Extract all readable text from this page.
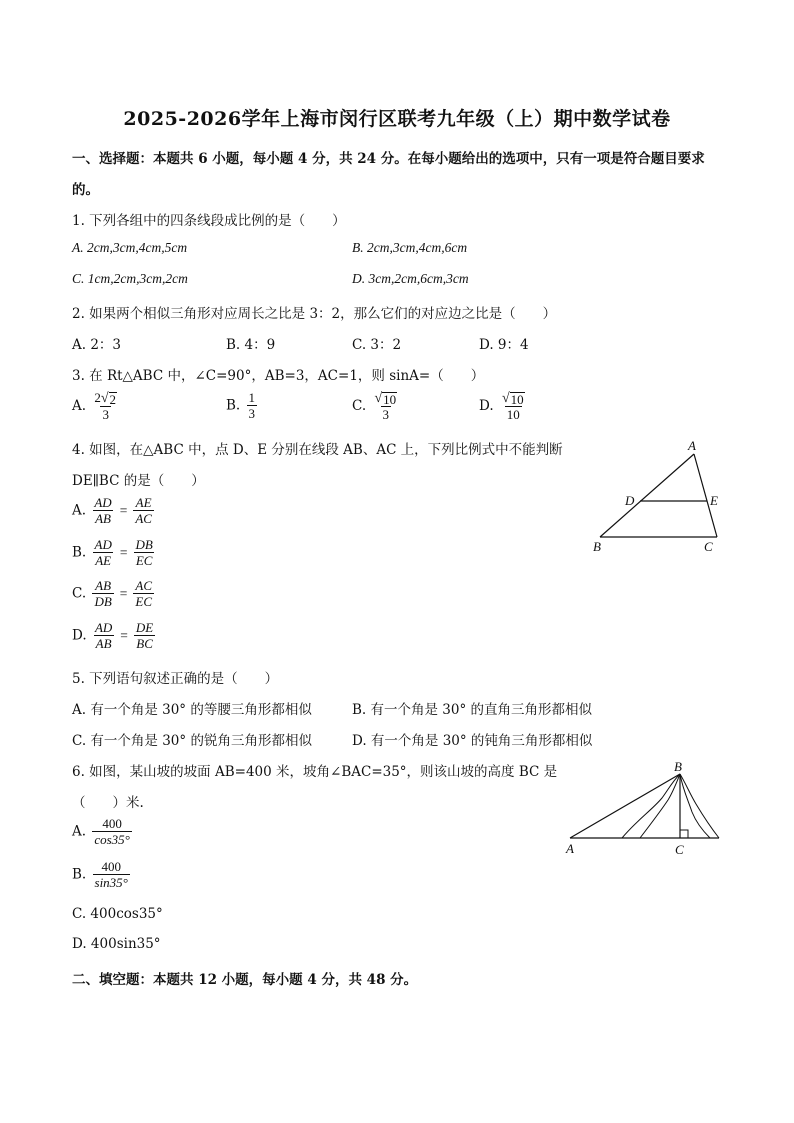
2025-2026学年上海市闵行区联考九年级（上）期中数学试卷
一、选择题：本题共 6 小题，每小题 4 分，共 24 分。在每小题给出的选项中，只有一项是符合题目要求
的。
1. 下列各组中的四条线段成比例的是（　　）
A. 2cm,3cm,4cm,5cm	B. 2cm,3cm,4cm,6cm
C. 1cm,2cm,3cm,2cm	D. 3cm,2cm,6cm,3cm
2. 如果两个相似三角形对应周长之比是 3：2，那么它们的对应边之比是（　　）
A. 2：3	B. 4：9	C. 3：2	D. 9：4
3. 在 Rt△ABC 中，∠C=90°，AB=3，AC=1，则 sinA=（　　）
A. $\frac{2 √ 2}{3}$	B. $\frac{1}{3}$	C. $\frac{√ 10}{3}$	D. $\frac{√ 10}{10}$
4. 如图，在△ABC 中，点 D、E 分别在线段 AB、AC 上，下列比例式中不能判断
DE∥BC 的是（　　）
A. $\frac{AD}{AB} = \frac{AE}{AC}$
B. $\frac{AD}{AE} = \frac{DB}{EC}$
C. $\frac{AB}{DB} = \frac{AC}{EC}$
D. $\frac{AD}{AB} = \frac{DE}{BC}$
A
D	E
B	C
5. 下列语句叙述正确的是（　　）
A. 有一个角是 30° 的等腰三角形都相似	B. 有一个角是 30° 的直角三角形都相似
C. 有一个角是 30° 的锐角三角形都相似	D. 有一个角是 30° 的钝角三角形都相似
6. 如图，某山坡的坡面 AB=400 米，坡角∠BAC=35°，则该山坡的高度 BC 是
（　　）米.
A. $\frac{400}{\cos 35^\circ}$
B. $\frac{400}{\sin 35^\circ}$
C. 400cos35°
D. 400sin35°
B
A	C
二、填空题：本题共 12 小题，每小题 4 分，共 48 分。
